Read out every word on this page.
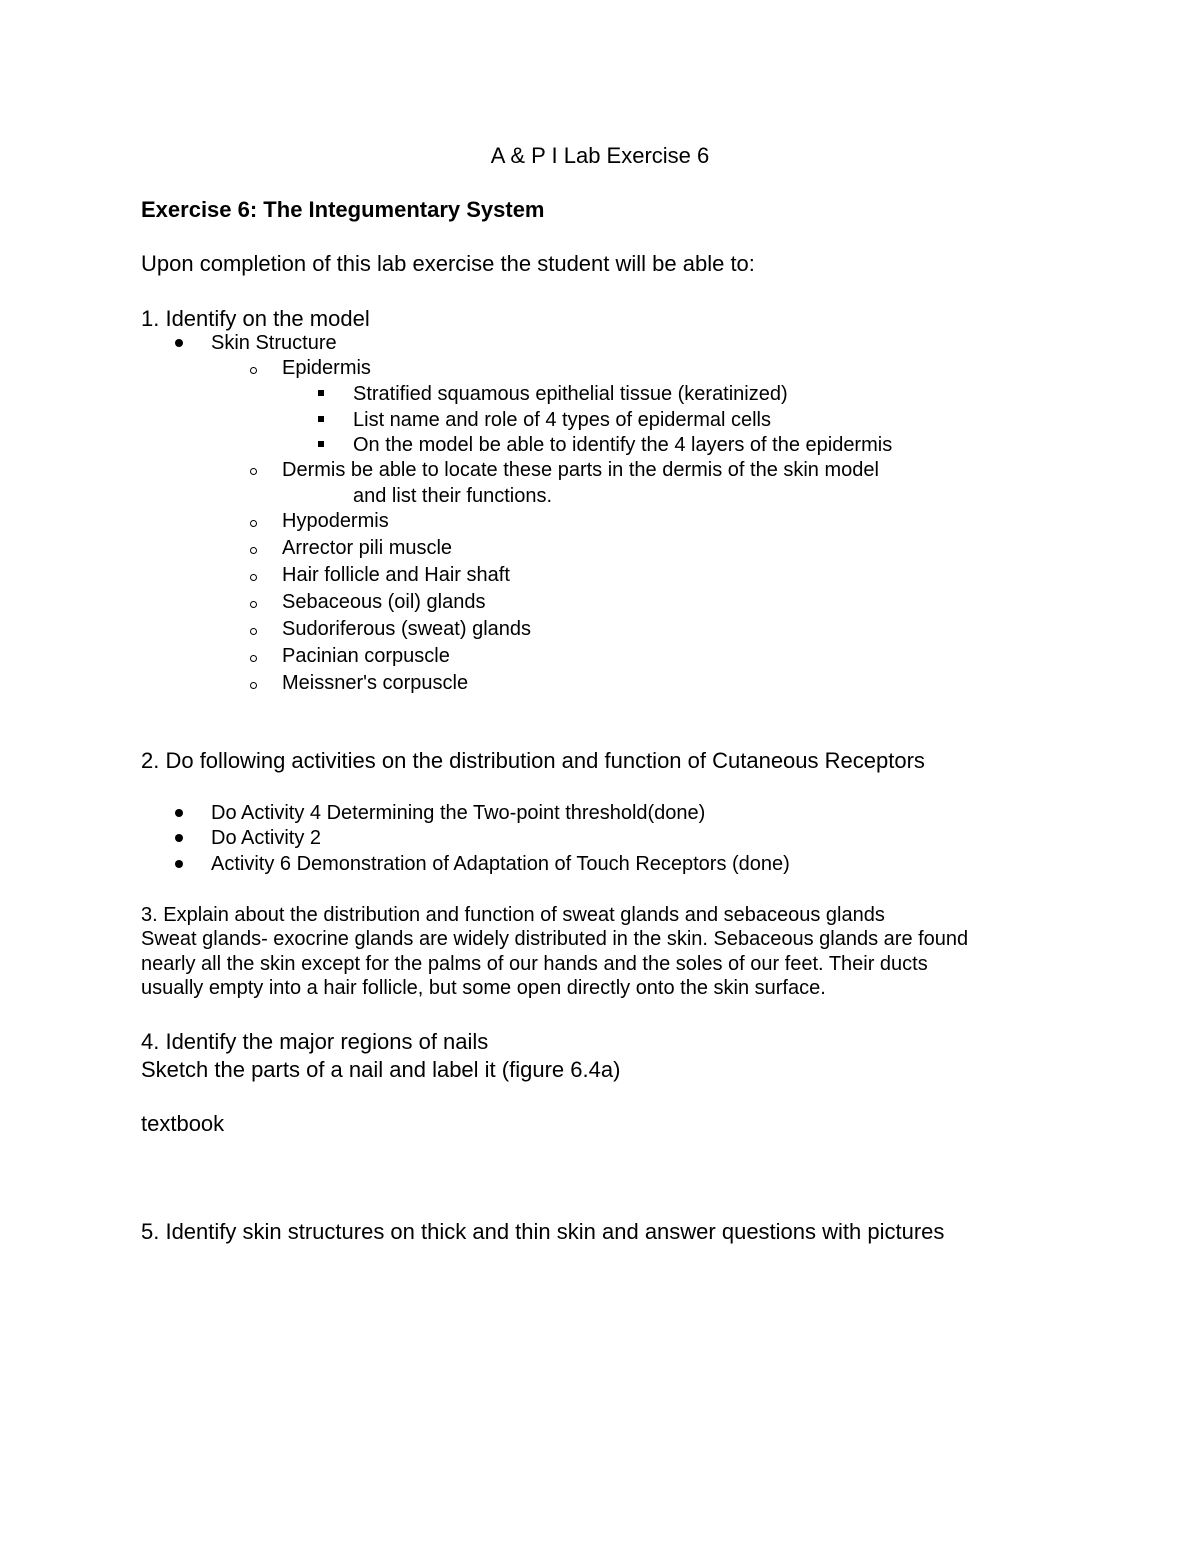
A & P I Lab Exercise 6
Exercise 6: The Integumentary System
Upon completion of this lab exercise the student will be able to:
1. Identify on the model
Skin Structure
Epidermis
Stratified squamous epithelial tissue (keratinized)
List name and role of 4 types of epidermal cells
On the model be able to identify the 4 layers of the epidermis
Dermis be able to locate these parts in the dermis of the skin model
and list their functions.
Hypodermis
Arrector pili muscle
Hair follicle and Hair shaft
Sebaceous (oil) glands
Sudoriferous (sweat) glands
Pacinian corpuscle
Meissner's corpuscle
2. Do following activities on the distribution and function of Cutaneous Receptors
Do Activity 4 Determining the Two-point threshold(done)
Do Activity 2
Activity 6 Demonstration of Adaptation of Touch Receptors (done)
3. Explain about the distribution and function of sweat glands and sebaceous glands
Sweat glands- exocrine glands are widely distributed in the skin. Sebaceous glands are found
nearly all the skin except for the palms of our hands and the soles of our feet. Their ducts
usually empty into a hair follicle, but some open directly onto the skin surface.
4. Identify the major regions of nails
Sketch the parts of a nail and label it (figure 6.4a)
textbook
5. Identify skin structures on thick and thin skin and answer questions with pictures
